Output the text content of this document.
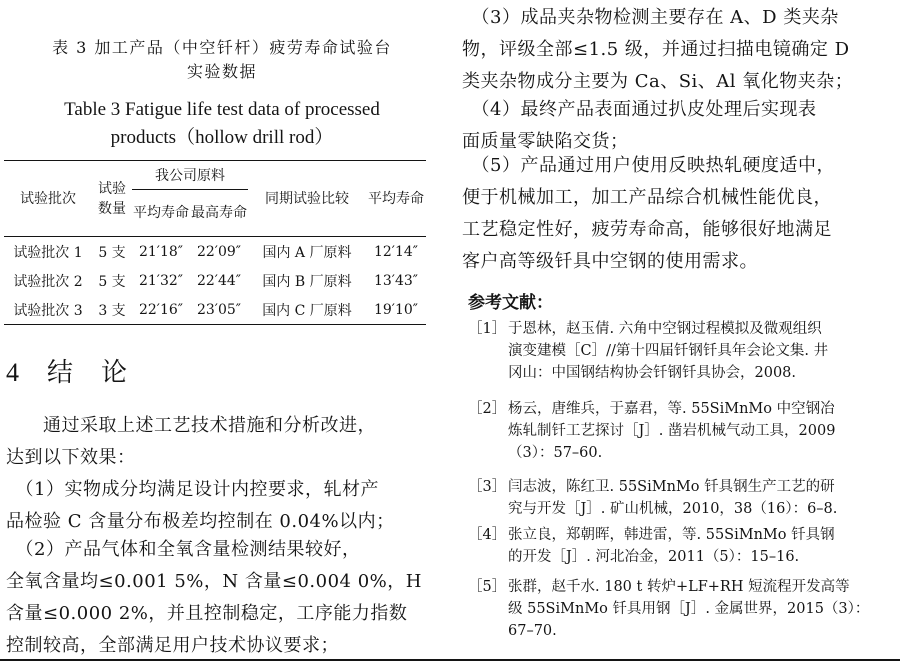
表 3 加工产品（中空钎杆）疲劳寿命试验台
实验数据
Table 3 Fatigue life test data of processed
products（hollow drill rod）
试验批次	试验数量	我公司原料		同期试验比较	平均寿命
		平均寿命	最高寿命		
试验批次 1	5 支	21′18″	22′09″	国内 A 厂原料	12′14″
试验批次 2	5 支	21′32″	22′44″	国内 B 厂原料	13′43″
试验批次 3	3 支	22′16″	23′05″	国内 C 厂原料	19′10″
4 结 论
　　通过采取上述工艺技术措施和分析改进，
达到以下效果：
　（1）实物成分均满足设计内控要求，轧材产
品检验 C 含量分布极差均控制在 0.04%以内；
　（2）产品气体和全氧含量检测结果较好，
全氧含量均≤0.001 5%，N 含量≤0.004 0%，H
含量≤0.000 2%，并且控制稳定，工序能力指数
控制较高，全部满足用户技术协议要求；
　（3）成品夹杂物检测主要存在 A、D 类夹杂
物，评级全部≤1.5 级，并通过扫描电镜确定 D
类夹杂物成分主要为 Ca、Si、Al 氧化物夹杂；
　（4）最终产品表面通过扒皮处理后实现表
面质量零缺陷交货；
　（5）产品通过用户使用反映热轧硬度适中，
便于机械加工，加工产品综合机械性能优良，
工艺稳定性好，疲劳寿命高，能够很好地满足
客户高等级钎具中空钢的使用需求。
参考文献：
［1］ 于恩林，赵玉倩. 六角中空钢过程模拟及微观组织
演变建模［C］//第十四届钎钢钎具年会论文集. 井
冈山：中国钢结构协会钎钢钎具协会，2008.
［2］ 杨云，唐维兵，于嘉君，等. 55SiMnMo 中空钢冶
炼轧制钎工艺探讨［J］. 凿岩机械气动工具，2009
（3）：57–60.
［3］ 闫志波，陈红卫. 55SiMnMo 钎具钢生产工艺的研
究与开发［J］. 矿山机械，2010，38（16）：6–8.
［4］ 张立良，郑朝晖，韩进雷，等. 55SiMnMo 钎具钢
的开发［J］. 河北冶金，2011（5）：15–16.
［5］ 张群，赵千水. 180 t 转炉+LF+RH 短流程开发高等
级 55SiMnMo 钎具用钢［J］. 金属世界，2015（3）：
67–70.
